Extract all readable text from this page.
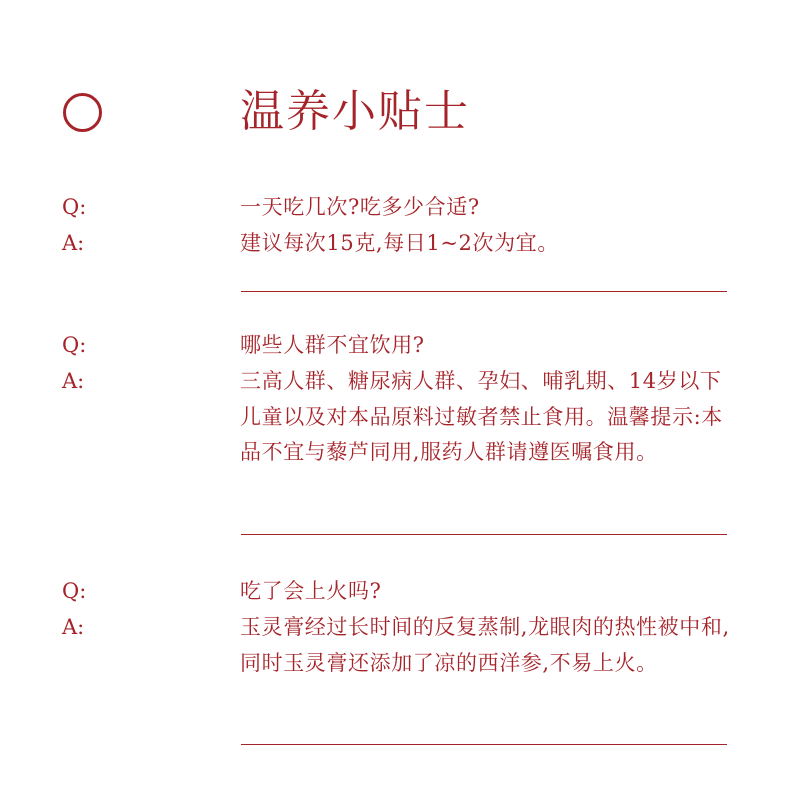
温养小贴士
Q:	一天吃几次?吃多少合适?
A:	建议每次15克,每日1~2次为宜。
Q:	哪些人群不宜饮用?
A:	三高人群、糖尿病人群、孕妇、哺乳期、14岁以下儿童以及对本品原料过敏者禁止食用。温馨提示:本品不宜与藜芦同用,服药人群请遵医嘱食用。
Q:	吃了会上火吗?
A:	玉灵膏经过长时间的反复蒸制,龙眼肉的热性被中和,同时玉灵膏还添加了凉的西洋参,不易上火。
